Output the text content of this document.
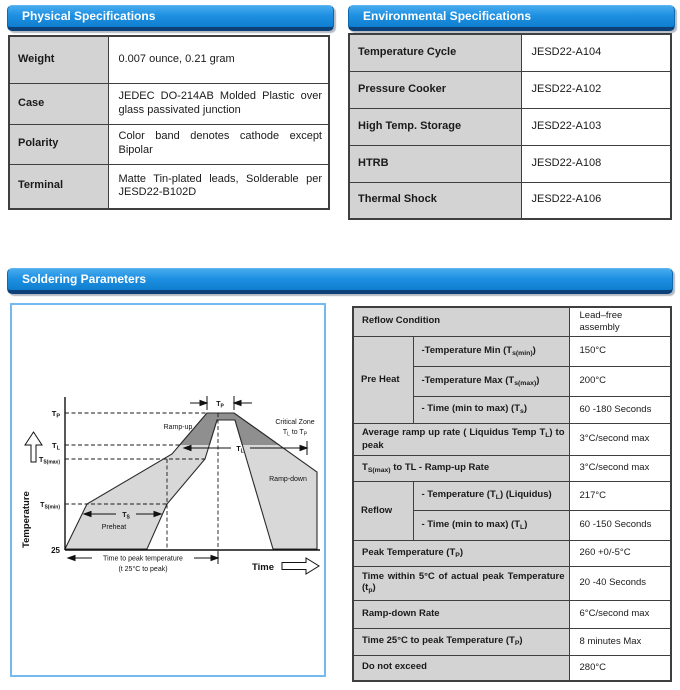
Physical Specifications	Environmental Specifications
Soldering Parameters
Weight	0.007 ounce, 0.21 gram
Case	JEDEC DO-214AB Molded Plastic over glass passivated junction
Polarity	Color band denotes cathode except Bipolar
Terminal	Matte Tin-plated leads, Solderable per JESD22-B102D
Temperature Cycle	JESD22-A104
Pressure Cooker	JESD22-A102
High Temp. Storage	JESD22-A103
HTRB	JESD22-A108
Thermal Shock	JESD22-A106
$T_P$
$T_L$
$T_S$
Time to peak temperature
(t 25°C to peak)
$T_P$
$T_L$
$T_{S(max)}$
$T_{S(min)}$
25
Ramp-up
Critical Zone
$T_L$ to $T_P$
Ramp-down
Preheat
Temperature
Time
Reflow Condition		Lead–free assembly
Pre Heat	-Temperature Min $(T_{s(min)})$	150°C
	-Temperature Max $(T_{s(max)})$	200°C
	- Time (min to max) $(T_s)$	60 -180 Seconds
Average ramp up rate ( Liquidus Temp $T_L$) to peak		3°C/second max
$T_{S(max)}$ to TL - Ramp-up Rate		3°C/second max
Reflow	- Temperature $(T_L)$ (Liquidus)	217°C
	- Time (min to max) $(T_L)$	60 -150 Seconds
Peak Temperature $(T_P)$		260 +0/-5°C
Time within 5°C of actual peak Temperature $(t_p)$		20 -40 Seconds
Ramp-down Rate		6°C/second max
Time 25°C to peak Temperature $(T_P)$		8 minutes Max
Do not exceed		280°C
